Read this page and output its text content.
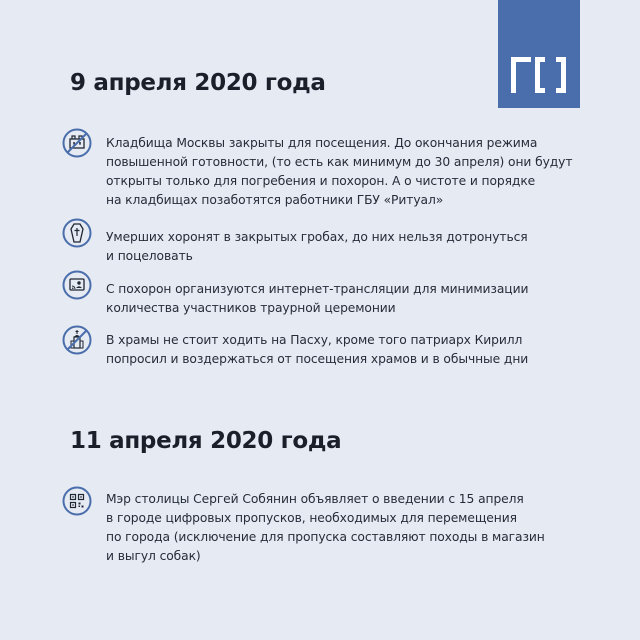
9 апреля 2020 года
Кладбища Москвы закрыты для посещения. До окончания режима
повышенной готовности, (то есть как минимум до 30 апреля) они будут
открыты только для погребения и похорон. А о чистоте и порядке
на кладбищах позаботятся работники ГБУ «Ритуал»
Умерших хоронят в закрытых гробах, до них нельзя дотронуться
и поцеловать
С похорон организуются интернет-трансляции для минимизации
количества участников траурной церемонии
В храмы не стоит ходить на Пасху, кроме того патриарх Кирилл
попросил и воздержаться от посещения храмов и в обычные дни
11 апреля 2020 года
Мэр столицы Сергей Собянин объявляет о введении с 15 апреля
в городе цифровых пропусков, необходимых для перемещения
по города (исключение для пропуска составляют походы в магазин
и выгул собак)
